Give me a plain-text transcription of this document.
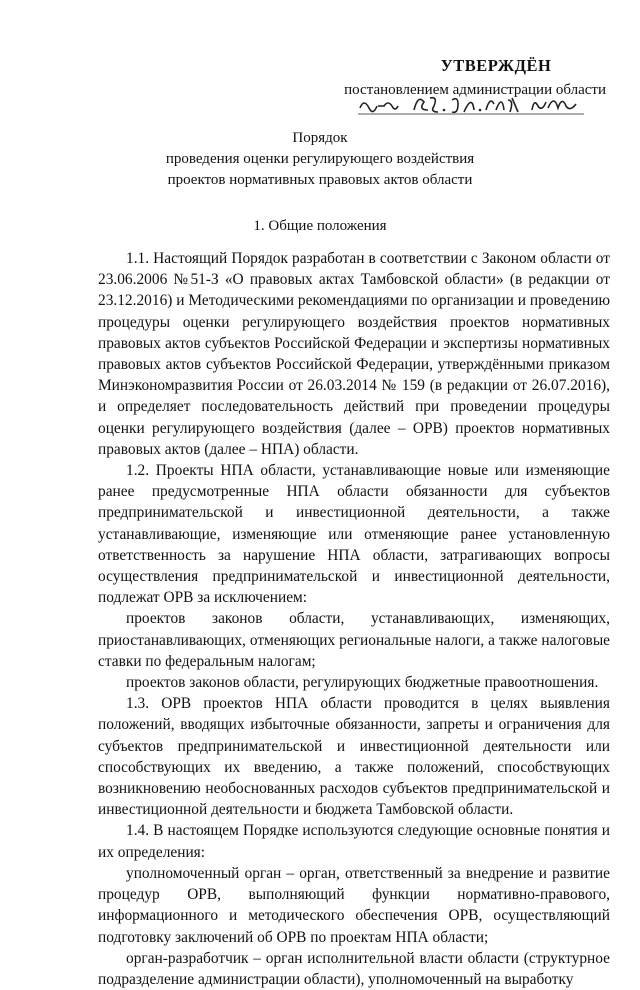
УТВЕРЖДЁН
постановлением администрации области
Порядок
проведения оценки регулирующего воздействия
проектов нормативных правовых актов области
1. Общие положения

1.1. Настоящий Порядок разработан в соответствии с Законом области от 23.06.2006 №51-З «О правовых актах Тамбовской области» (в редакции от 23.12.2016) и Методическими рекомендациями по организации и проведению процедуры оценки регулирующего воздействия проектов нормативных правовых актов субъектов Российской Федерации и экспертизы нормативных правовых актов субъектов Российской Федерации, утверждёнными приказом Минэкономразвития России от 26.03.2014 № 159 (в редакции от 26.07.2016), и определяет последовательность действий при проведении процедуры оценки регулирующего воздействия (далее – ОРВ) проектов нормативных правовых актов (далее – НПА) области.

1.2. Проекты НПА области, устанавливающие новые или изменяющие ранее предусмотренные НПА области обязанности для субъектов предпринимательской и инвестиционной деятельности, а также устанавливающие, изменяющие или отменяющие ранее установленную ответственность за нарушение НПА области, затрагивающих вопросы осуществления предпринимательской и инвестиционной деятельности, подлежат ОРВ за исключением:

проектов законов области, устанавливающих, изменяющих, приостанавливающих, отменяющих региональные налоги, а также налоговые ставки по федеральным налогам;

проектов законов области, регулирующих бюджетные правоотношения.

1.3. ОРВ проектов НПА области проводится в целях выявления положений, вводящих избыточные обязанности, запреты и ограничения для субъектов предпринимательской и инвестиционной деятельности или способствующих их введению, а также положений, способствующих возникновению необоснованных расходов субъектов предпринимательской и инвестиционной деятельности и бюджета Тамбовской области.

1.4. В настоящем Порядке используются следующие основные понятия и их определения:

уполномоченный орган – орган, ответственный за внедрение и развитие процедур ОРВ, выполняющий функции нормативно-правового, информационного и методического обеспечения ОРВ, осуществляющий подготовку заключений об ОРВ по проектам НПА области;

орган-разработчик – орган исполнительной власти области (структурное подразделение администрации области), уполномоченный на выработку
